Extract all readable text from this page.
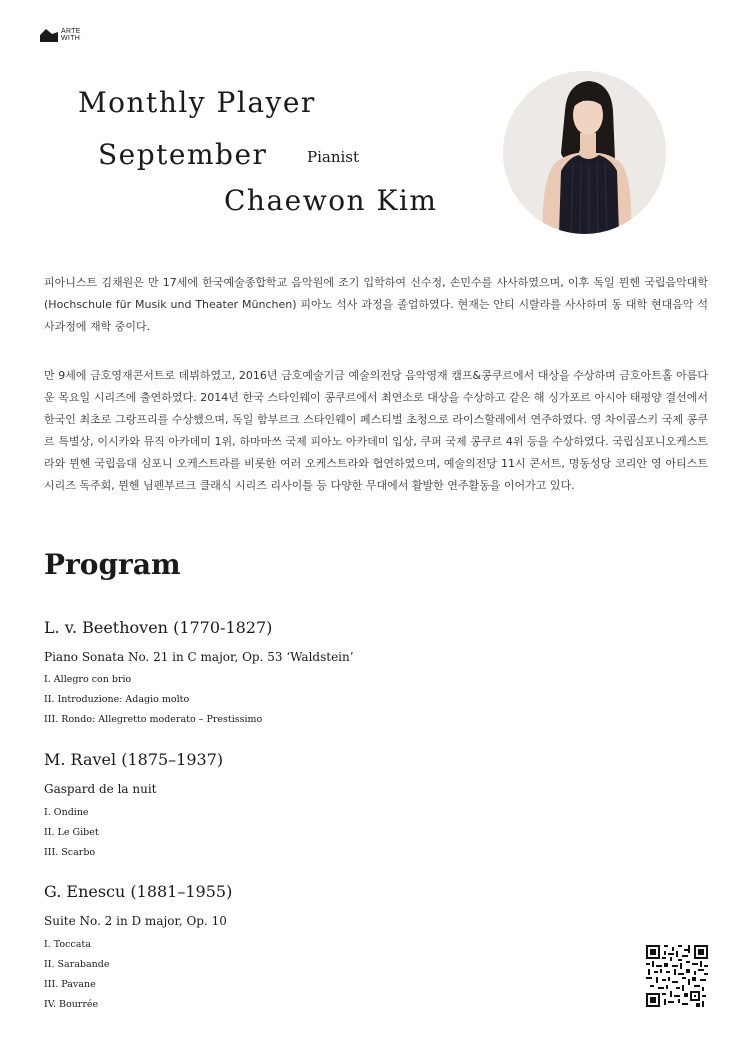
ARTE
WITH
Monthly Player
September	Pianist
Chaewon Kim

피아니스트 김채원은 만 17세에 한국예술종합학교 음악원에 조기 입학하여 신수정, 손민수를 사사하였으며, 이후 독일 뮌헨 국립음악대학(Hochschule für Musik und Theater München) 피아노 석사 과정을 졸업하였다. 현재는 안티 시랄라를 사사하며 동 대학 현대음악 석사과정에 재학 중이다.

만 9세에 금호영재콘서트로 데뷔하였고, 2016년 금호예술기금 예술의전당 음악영재 캠프&콩쿠르에서 대상을 수상하며 금호아트홀 아름다운 목요일 시리즈에 출연하였다. 2014년 한국 스타인웨이 콩쿠르에서 최연소로 대상을 수상하고 같은 해 싱가포르 아시아 태평양 결선에서 한국인 최초로 그랑프리를 수상했으며, 독일 함부르크 스타인웨이 페스티벌 초청으로 라이스할레에서 연주하였다. 영 차이콥스키 국제 콩쿠르 특별상, 이시카와 뮤직 아카데미 1위, 하마마쓰 국제 피아노 아카데미 입상, 쿠퍼 국제 콩쿠르 4위 등을 수상하였다. 국립심포니오케스트라와 뮌헨 국립음대 심포니 오케스트라를 비롯한 여러 오케스트라와 협연하였으며, 예술의전당 11시 콘서트, 명동성당 코리안 영 아티스트 시리즈 독주회, 뮌헨 님펜부르크 클래식 시리즈 리사이틀 등 다양한 무대에서 활발한 연주활동을 이어가고 있다.

Program
L. v. Beethoven (1770-1827)
Piano Sonata No. 21 in C major, Op. 53 ‘Waldstein’
I. Allegro con brio
II. Introduzione: Adagio molto
III. Rondo: Allegretto moderato – Prestissimo
M. Ravel (1875–1937)
Gaspard de la nuit
I. Ondine
II. Le Gibet
III. Scarbo
G. Enescu (1881–1955)
Suite No. 2 in D major, Op. 10
I. Toccata
II. Sarabande
III. Pavane
IV. Bourrée
